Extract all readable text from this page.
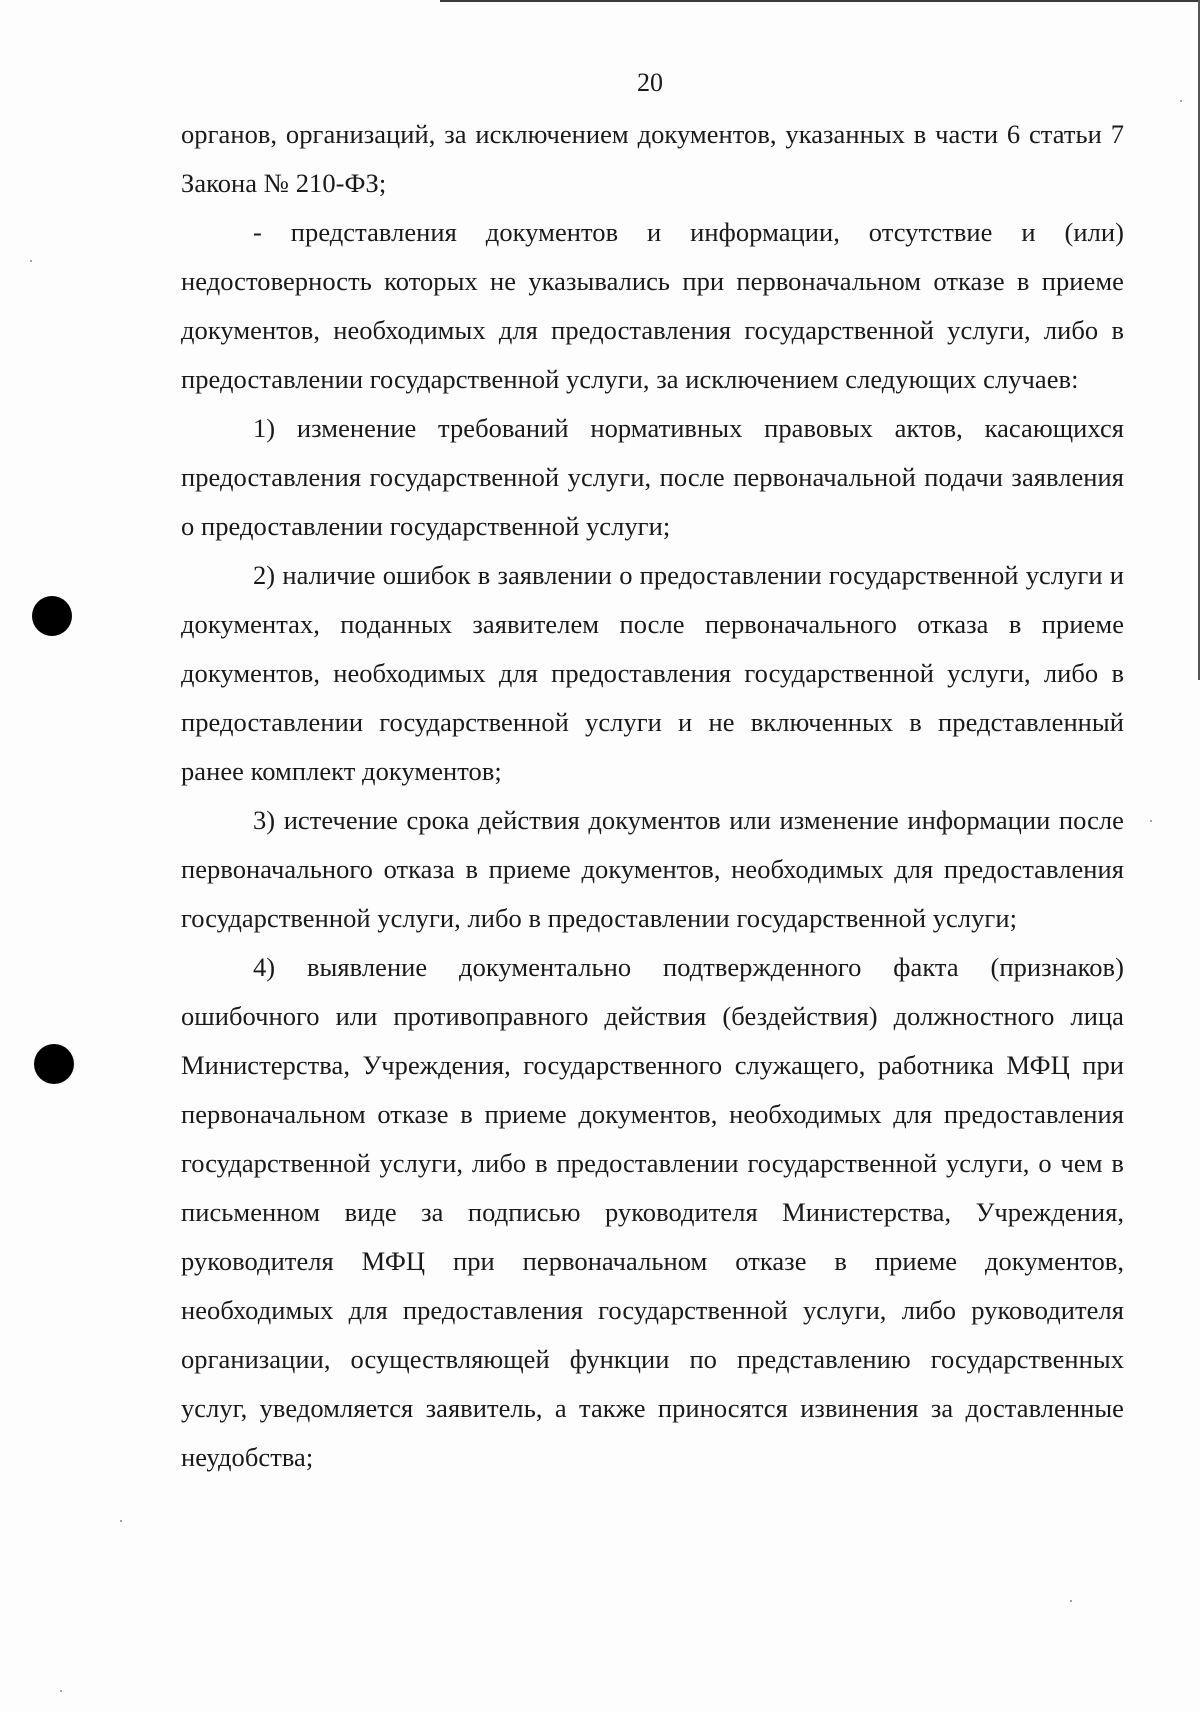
20

органов, организаций, за исключением документов, указанных в части 6 статьи 7 Закона № 210-ФЗ;

- представления документов и информации, отсутствие и (или) недостоверность которых не указывались при первоначальном отказе в приеме документов, необходимых для предоставления государственной услуги, либо в предоставлении государственной услуги, за исключением следующих случаев:

1) изменение требований нормативных правовых актов, касающихся предоставления государственной услуги, после первоначальной подачи заявления о предоставлении государственной услуги;

2) наличие ошибок в заявлении о предоставлении государственной услуги и документах, поданных заявителем после первоначального отказа в приеме документов, необходимых для предоставления государственной услуги, либо в предоставлении государственной услуги и не включенных в представленный ранее комплект документов;

3) истечение срока действия документов или изменение информации после первоначального отказа в приеме документов, необходимых для предоставления государственной услуги, либо в предоставлении государственной услуги;

4) выявление документально подтвержденного факта (признаков) ошибочного или противоправного действия (бездействия) должностного лица Министерства, Учреждения, государственного служащего, работника МФЦ при первоначальном отказе в приеме документов, необходимых для предоставления государственной услуги, либо в предоставлении государственной услуги, о чем в письменном виде за подписью руководителя Министерства, Учреждения, руководителя МФЦ при первоначальном отказе в приеме документов, необходимых для предоставления государственной услуги, либо руководителя организации, осуществляющей функции по представлению государственных услуг, уведомляется заявитель, а также приносятся извинения за доставленные неудобства;
